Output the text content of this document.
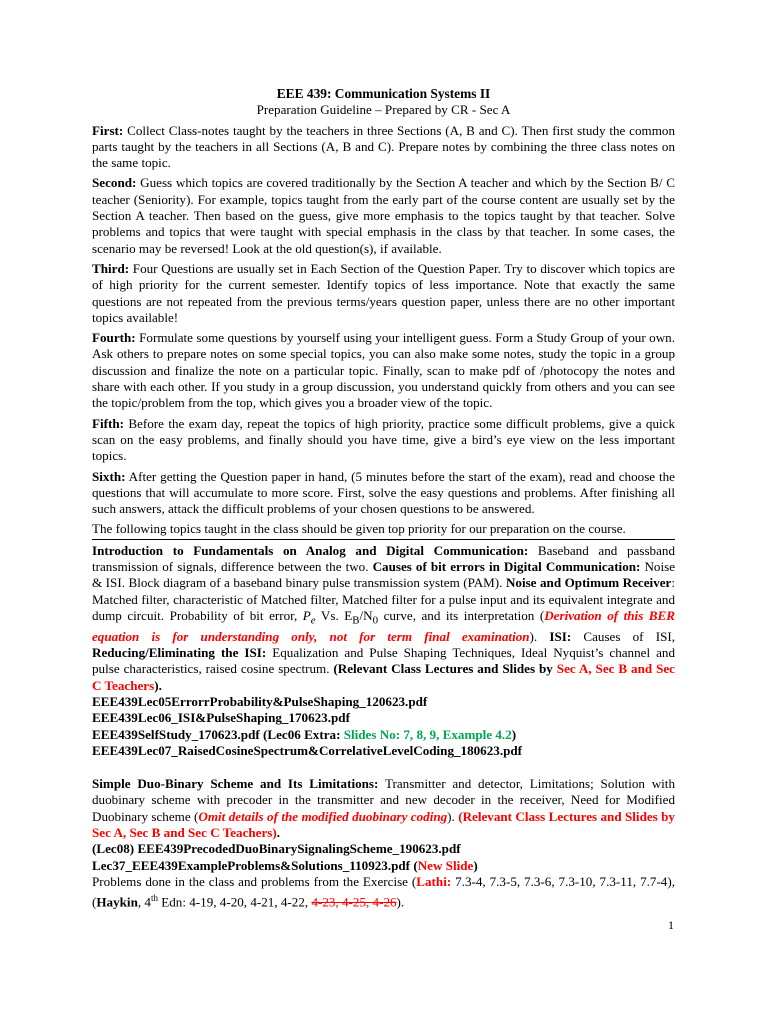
EEE 439: Communication Systems II
Preparation Guideline – Prepared by CR - Sec A

First: Collect Class-notes taught by the teachers in three Sections (A, B and C). Then first study the common parts taught by the teachers in all Sections (A, B and C). Prepare notes by combining the three class notes on the same topic.

Second: Guess which topics are covered traditionally by the Section A teacher and which by the Section B/ C teacher (Seniority). For example, topics taught from the early part of the course content are usually set by the Section A teacher. Then based on the guess, give more emphasis to the topics taught by that teacher. Solve problems and topics that were taught with special emphasis in the class by that teacher. In some cases, the scenario may be reversed! Look at the old question(s), if available.

Third: Four Questions are usually set in Each Section of the Question Paper. Try to discover which topics are of high priority for the current semester. Identify topics of less importance. Note that exactly the same questions are not repeated from the previous terms/years question paper, unless there are no other important topics available!

Fourth: Formulate some questions by yourself using your intelligent guess. Form a Study Group of your own. Ask others to prepare notes on some special topics, you can also make some notes, study the topic in a group discussion and finalize the note on a particular topic. Finally, scan to make pdf of /photocopy the notes and share with each other. If you study in a group discussion, you understand quickly from others and you can see the topic/problem from the top, which gives you a broader view of the topic.

Fifth: Before the exam day, repeat the topics of high priority, practice some difficult problems, give a quick scan on the easy problems, and finally should you have time, give a bird’s eye view on the less important topics.

Sixth: After getting the Question paper in hand, (5 minutes before the start of the exam), read and choose the questions that will accumulate to more score. First, solve the easy questions and problems. After finishing all such answers, attack the difficult problems of your chosen questions to be answered.

The following topics taught in the class should be given top priority for our preparation on the course.

Introduction to Fundamentals on Analog and Digital Communication: Baseband and passband transmission of signals, difference between the two. Causes of bit errors in Digital Communication: Noise & ISI. Block diagram of a baseband binary pulse transmission system (PAM). Noise and Optimum Receiver: Matched filter, characteristic of Matched filter, Matched filter for a pulse input and its equivalent integrate and dump circuit. Probability of bit error, $P_e$ Vs. $E_B/N_0$ curve, and its interpretation (Derivation of this BER equation is for understanding only, not for term final examination). ISI: Causes of ISI, Reducing/Eliminating the ISI: Equalization and Pulse Shaping Techniques, Ideal Nyquist’s channel and pulse characteristics, raised cosine spectrum. (Relevant Class Lectures and Slides by Sec A, Sec B and Sec C Teachers).

EEE439Lec05ErrorrProbability&PulseShaping_120623.pdf
EEE439Lec06_ISI&PulseShaping_170623.pdf
EEE439SelfStudy_170623.pdf (Lec06 Extra: Slides No: 7, 8, 9, Example 4.2)
EEE439Lec07_RaisedCosineSpectrum&CorrelativeLevelCoding_180623.pdf

Simple Duo-Binary Scheme and Its Limitations: Transmitter and detector, Limitations; Solution with duobinary scheme with precoder in the transmitter and new decoder in the receiver, Need for Modified Duobinary scheme (Omit details of the modified duobinary coding). (Relevant Class Lectures and Slides by Sec A, Sec B and Sec C Teachers).

(Lec08) EEE439PrecodedDuoBinarySignalingScheme_190623.pdf
Lec37_EEE439ExampleProblems&Solutions_110923.pdf (New Slide)

Problems done in the class and problems from the Exercise (Lathi: 7.3-4, 7.3-5, 7.3-6, 7.3-10, 7.3-11, 7.7-4), (Haykin, 4th Edn: 4-19, 4-20, 4-21, 4-22, 4-23, 4-25, 4-26).

1
